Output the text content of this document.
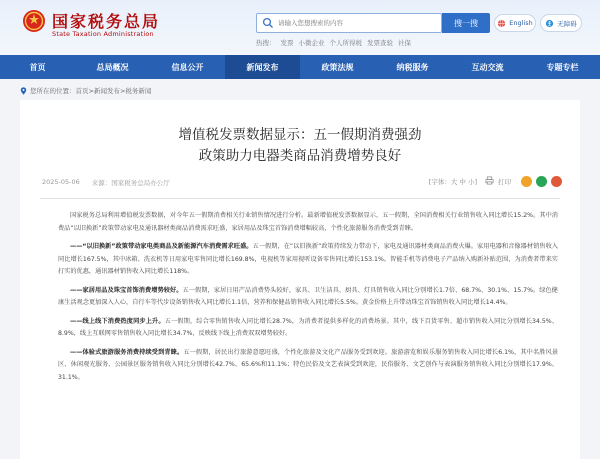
国家税务总局
State Taxation Administration
请输入您想搜索的内容
搜一搜
热搜： 发票 小微企业 个人所得税 发票查验 社保
English	无障碍
首页	总局概况	信息公开	新闻发布	政策法规	纳税服务	互动交流	专题专栏
您所在的位置：首页>新闻发布>税务新闻
增值税发票数据显示：五一假期消费强劲
政策助力电器类商品消费增势良好
2025-05-06 来源：国家税务总局办公厅	[字体：大 中 小]	打印

国家税务总局利用增值税发票数据，对今年五一假期消费相关行业销售情况进行分析。最新增值税发票数据显示，五一假期，全国消费相关行业销售收入同比增长15.2%。其中消费品“以旧换新”政策带动家电及通讯器材类商品消费需求旺盛，家居用品及珠宝首饰消费增幅较高，个性化旅游服务消费受到青睐。

——“以旧换新”政策带动家电类商品及新能源汽车消费需求旺盛。五一假期，在“以旧换新”政策持续发力带动下，家电及通讯器材类商品消费火爆。家用电器和音像器材销售收入同比增长167.5%，其中冰箱、洗衣机等日用家电零售同比增长169.8%，电视机等家用视听设备零售同比增长153.1%。智能手机等消费电子产品纳入购新补贴范围，为消费者带来实打实的优惠，通讯器材销售收入同比增长118%。

——家居用品及珠宝首饰消费增势较好。五一假期，家居日用产品消费势头较好，家具、卫生洁具、厨具、灯具销售收入同比分别增长1.7倍、68.7%、30.1%、15.7%。绿色健康生活观念更加深入人心，自行车等代步设备销售收入同比增长1.1倍，营养和保健品销售收入同比增长5.5%。黄金价格上升带动珠宝首饰销售收入同比增长14.4%。

——线上线下消费热度同步上升。五一假期，综合零售销售收入同比增长28.7%，为消费者提供多样化的消费场景。其中，线下百货零售、超市销售收入同比分别增长34.5%、8.9%，线上互联网零售销售收入同比增长34.7%，反映线下线上消费双双增势较好。

——体验式旅游服务消费持续受到青睐。五一假期，居民出行旅游意愿旺盛，个性化旅游及文化产品服务受到欢迎。旅游游览和娱乐服务销售收入同比增长6.1%，其中名胜风景区、休闲观光服务、公园景区服务销售收入同比分别增长42.7%、65.6%和11.1%；特色民俗及文艺表演受到欢迎，民俗服务、文艺创作与表演服务销售收入同比分别增长17.9%、31.1%。
